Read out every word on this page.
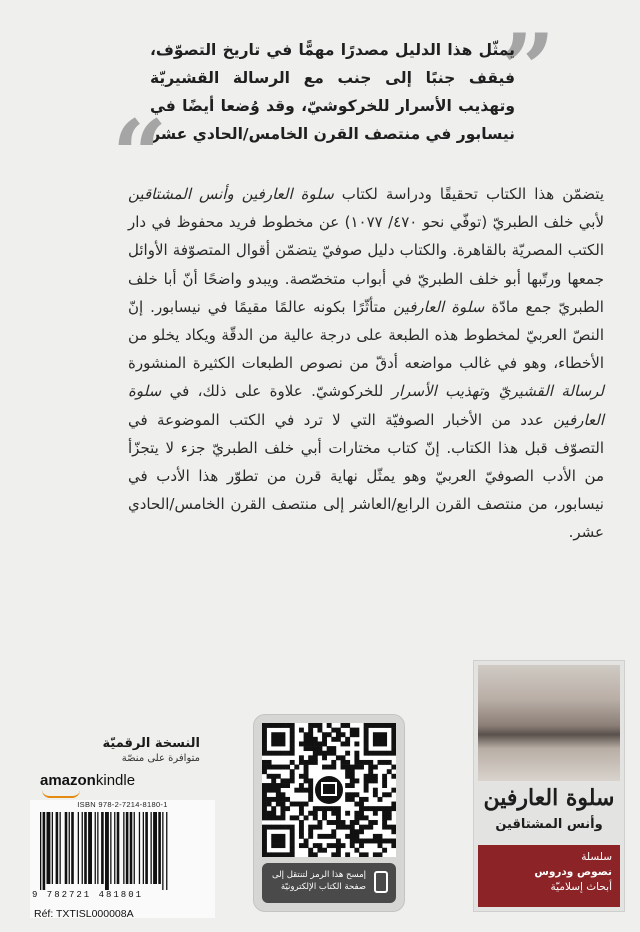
”
يمثّل هذا الدليل مصدرًا مهمًّا في تاريخ التصوّف، فيقف جنبًا إلى جنب مع الرسالة القشيريّة وتهذيب الأسرار للخركوشيّ، وقد وُضعا أيضًا في نيسابور في منتصف القرن الخامس/الحادي عشر
“	يتضمّن هذا الكتاب تحقيقًا ودراسة لكتاب سلوة العارفين وأنس المشتاقين لأبي خلف الطبريّ (توفّي نحو ٤٧٠/ ١٠٧٧) عن مخطوط فريد محفوظ في دار الكتب المصريّة بالقاهرة. والكتاب دليل صوفيّ يتضمّن أقوال المتصوّفة الأوائل جمعها ورتّبها أبو خلف الطبريّ في أبواب متخصّصة. ويبدو واضحًا أنّ أبا خلف الطبريّ جمع مادّة سلوة العارفين متأثّرًا بكونه عالمًا مقيمًا في نيسابور. إنّ النصّ العربيّ لمخطوط هذه الطبعة على درجة عالية من الدقّة ويكاد يخلو من الأخطاء، وهو في غالب مواضعه أدقّ من نصوص الطبعات الكثيرة المنشورة لرسالة القشيريّ وتهذيب الأسرار للخركوشيّ. علاوة على ذلك، في سلوة العارفين عدد من الأخبار الصوفيّة التي لا ترد في الكتب الموضوعة في التصوّف قبل هذا الكتاب. إنّ كتاب مختارات أبي خلف الطبريّ جزء لا يتجزّأ من الأدب الصوفيّ العربيّ وهو يمثّل نهاية قرن من تطوّر هذا الأدب في نيسابور، من منتصف القرن الرابع/العاشر إلى منتصف القرن الخامس/الحادي عشر.
سلوة العارفين
وأنس المشتاقين
سلسلة
نصوص ودروس
أبحاث إسلاميّة
إمسح هذا الرمز لتنتقل إلى صفحة الكتاب الإلكترونيّة
النسخة الرقميّة
متوافرة على منصّة
amazonkindle
ISBN 978-2-7214-8180-1
9 782721 481801
Réf: TXTISL000008A
